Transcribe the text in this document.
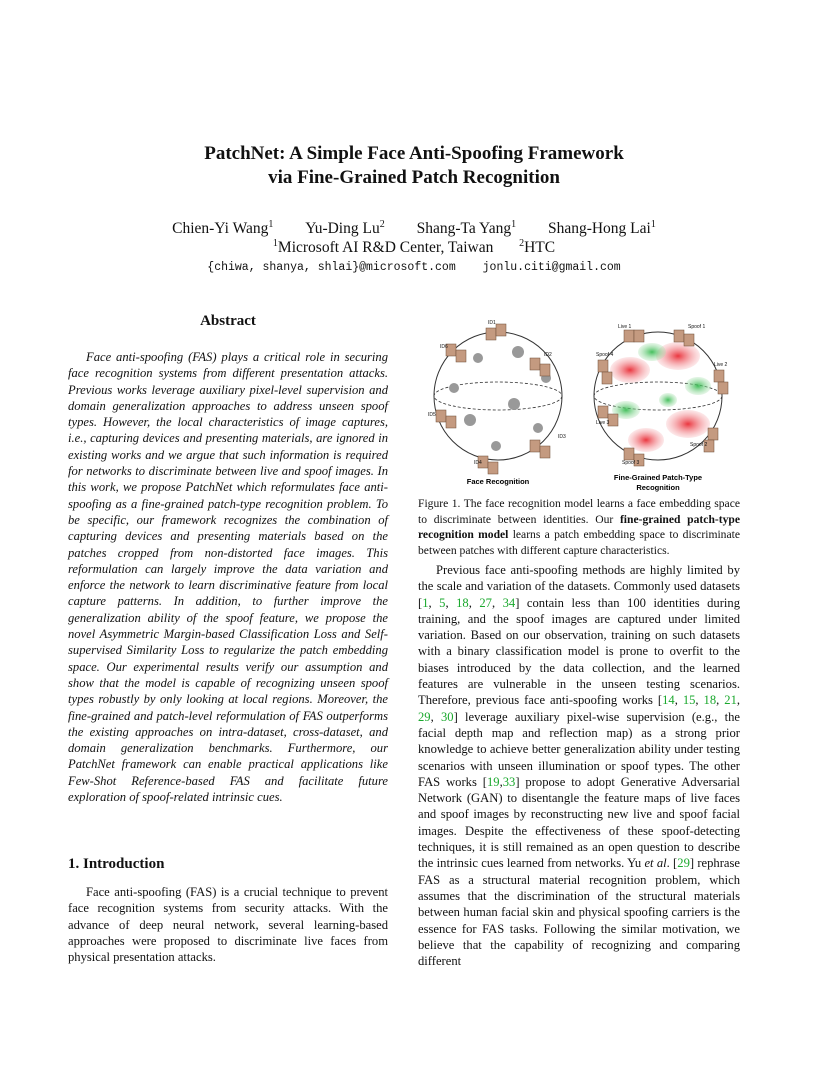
PatchNet: A Simple Face Anti-Spoofing Framework
via Fine-Grained Patch Recognition
Chien-Yi Wang$^1$ Yu-Ding Lu$^2$ Shang-Ta Yang$^1$ Shang-Hong Lai$^1$
$^1$Microsoft AI R&D Center, Taiwan	$^2$HTC
{chiwa, shanya, shlai}@microsoft.com jonlu.citi@gmail.com
Abstract
Face anti-spoofing (FAS) plays a critical role in securing face recognition systems from different presentation attacks. Previous works leverage auxiliary pixel-level supervision and domain generalization approaches to address unseen spoof types. However, the local characteristics of image captures, i.e., capturing devices and presenting materials, are ignored in existing works and we argue that such information is required for networks to discriminate between live and spoof images. In this work, we propose PatchNet which reformulates face anti-spoofing as a fine-grained patch-type recognition problem. To be specific, our framework recognizes the combination of capturing devices and presenting materials based on the patches cropped from non-distorted face images. This reformulation can largely improve the data variation and enforce the network to learn discriminative feature from local capture patterns. In addition, to further improve the generalization ability of the spoof feature, we propose the novel Asymmetric Margin-based Classification Loss and Self-supervised Similarity Loss to regularize the patch embedding space. Our experimental results verify our assumption and show that the model is capable of recognizing unseen spoof types robustly by only looking at local regions. Moreover, the fine-grained and patch-level reformulation of FAS outperforms the existing approaches on intra-dataset, cross-dataset, and domain generalization benchmarks. Furthermore, our PatchNet framework can enable practical applications like Few-Shot Reference-based FAS and facilitate future exploration of spoof-related intrinsic cues.
1. Introduction
Face anti-spoofing (FAS) is a crucial technique to prevent face recognition systems from security attacks. With the advance of deep neural network, several learning-based approaches were proposed to discriminate live faces from physical presentation attacks.
ID1
ID2
ID3
ID4
ID5
ID6
Face Recognition
Live 1	Spoof 1
Live 2
Spoof 2
Live 3
Spoof 3
Spoof 4
Fine-Grained Patch-Type
Recognition
Figure 1. The face recognition model learns a face embedding space to discriminate between identities. Our fine-grained patch-type recognition model learns a patch embedding space to discriminate between patches with different capture characteristics.
Previous face anti-spoofing methods are highly limited by the scale and variation of the datasets. Commonly used datasets [1, 5, 18, 27, 34] contain less than 100 identities during training, and the spoof images are captured under limited variation. Based on our observation, training on such datasets with a binary classification model is prone to overfit to the biases introduced by the data collection, and the learned features are vulnerable in the unseen testing scenarios. Therefore, previous face anti-spoofing works [14, 15, 18, 21, 29, 30] leverage auxiliary pixel-wise supervision (e.g., the facial depth map and reflection map) as a strong prior knowledge to achieve better generalization ability under testing scenarios with unseen illumination or spoof types. The other FAS works [19,33] propose to adopt Generative Adversarial Network (GAN) to disentangle the feature maps of live faces and spoof images by reconstructing new live and spoof facial images. Despite the effectiveness of these spoof-detecting techniques, it is still remained as an open question to describe the intrinsic cues learned from networks. Yu et al. [29] rephrase FAS as a structural material recognition problem, which assumes that the discrimination of the structural materials between human facial skin and physical spoofing carriers is the essence for FAS tasks. Following the similar motivation, we believe that the capability of recognizing and comparing different
